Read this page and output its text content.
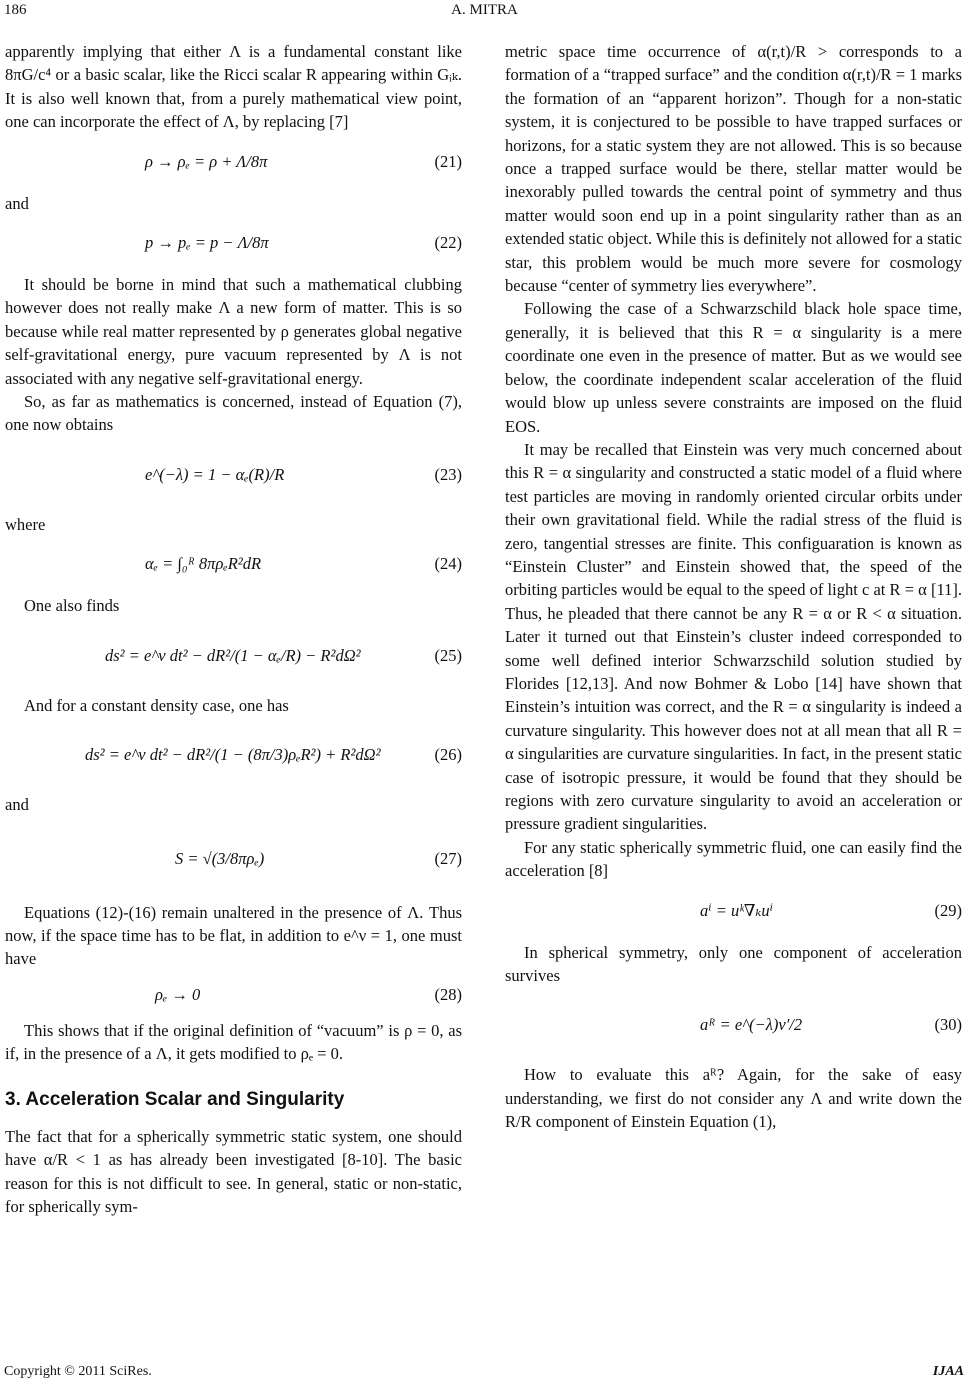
186	A. MITRA

apparently implying that either Λ is a fundamental constant like 8πG/c⁴ or a basic scalar, like the Ricci scalar R appearing within Gᵢₖ. It is also well known that, from a purely mathematical view point, one can incorporate the effect of Λ, by replacing [7]

ρ → ρₑ = ρ + Λ/8π	(21)

and

p → pₑ = p − Λ/8π	(22)

It should be borne in mind that such a mathematical clubbing however does not really make Λ a new form of matter. This is so because while real matter represented by ρ generates global negative self-gravitational energy, pure vacuum represented by Λ is not associated with any negative self-gravitational energy.

So, as far as mathematics is concerned, instead of Equation (7), one now obtains

e^(−λ) = 1 − αₑ(R)/R	(23)

where

αₑ = ∫₀ᴿ 8πρₑR²dR	(24)

One also finds

ds² = e^ν dt² − dR²/(1 − αₑ/R) − R²dΩ²	(25)

And for a constant density case, one has

ds² = e^ν dt² − dR²/(1 − (8π/3)ρₑR²) + R²dΩ²	(26)

and

S = √(3/8πρₑ)	(27)

Equations (12)-(16) remain unaltered in the presence of Λ. Thus now, if the space time has to be flat, in addition to e^ν = 1, one must have

ρₑ → 0	(28)

This shows that if the original definition of “vacuum” is ρ = 0, as if, in the presence of a Λ, it gets modified to ρₑ = 0.

3. Acceleration Scalar and Singularity

The fact that for a spherically symmetric static system, one should have α/R < 1 as has already been investigated [8-10]. The basic reason for this is not difficult to see. In general, static or non-static, for spherically sym-

metric space time occurrence of α(r,t)/R > corresponds to a formation of a “trapped surface” and the condition α(r,t)/R = 1 marks the formation of an “apparent horizon”. Though for a non-static system, it is conjectured to be possible to have trapped surfaces or horizons, for a static system they are not allowed. This is so because once a trapped surface would be there, stellar matter would be inexorably pulled towards the central point of symmetry and thus matter would soon end up in a point singularity rather than as an extended static object. While this is definitely not allowed for a static star, this problem would be much more severe for cosmology because “center of symmetry lies everywhere”.

Following the case of a Schwarzschild black hole space time, generally, it is believed that this R = α singularity is a mere coordinate one even in the presence of matter. But as we would see below, the coordinate independent scalar acceleration of the fluid would blow up unless severe constraints are imposed on the fluid EOS.

It may be recalled that Einstein was very much concerned about this R = α singularity and constructed a static model of a fluid where test particles are moving in randomly oriented circular orbits under their own gravitational field. While the radial stress of the fluid is zero, tangential stresses are finite. This configuaration is known as “Einstein Cluster” and Einstein showed that, the speed of the orbiting particles would be equal to the speed of light c at R = α [11]. Thus, he pleaded that there cannot be any R = α or R < α situation. Later it turned out that Einstein’s cluster indeed corresponded to some well defined interior Schwarzschild solution studied by Florides [12,13]. And now Bohmer & Lobo [14] have shown that Einstein’s intuition was correct, and the R = α singularity is indeed a curvature singularity. This however does not at all mean that all R = α singularities are curvature singularities. In fact, in the present static case of isotropic pressure, it would be found that they should be regions with zero curvature singularity to avoid an acceleration or pressure gradient singularities.

For any static spherically symmetric fluid, one can easily find the acceleration [8]

aⁱ = uᵏ∇ₖuⁱ	(29)

In spherical symmetry, only one component of acceleration survives

aᴿ = e^(−λ)ν′/2	(30)

How to evaluate this aᴿ? Again, for the sake of easy understanding, we first do not consider any Λ and write down the R/R component of Einstein Equation (1),

Copyright © 2011 SciRes.	IJAA
